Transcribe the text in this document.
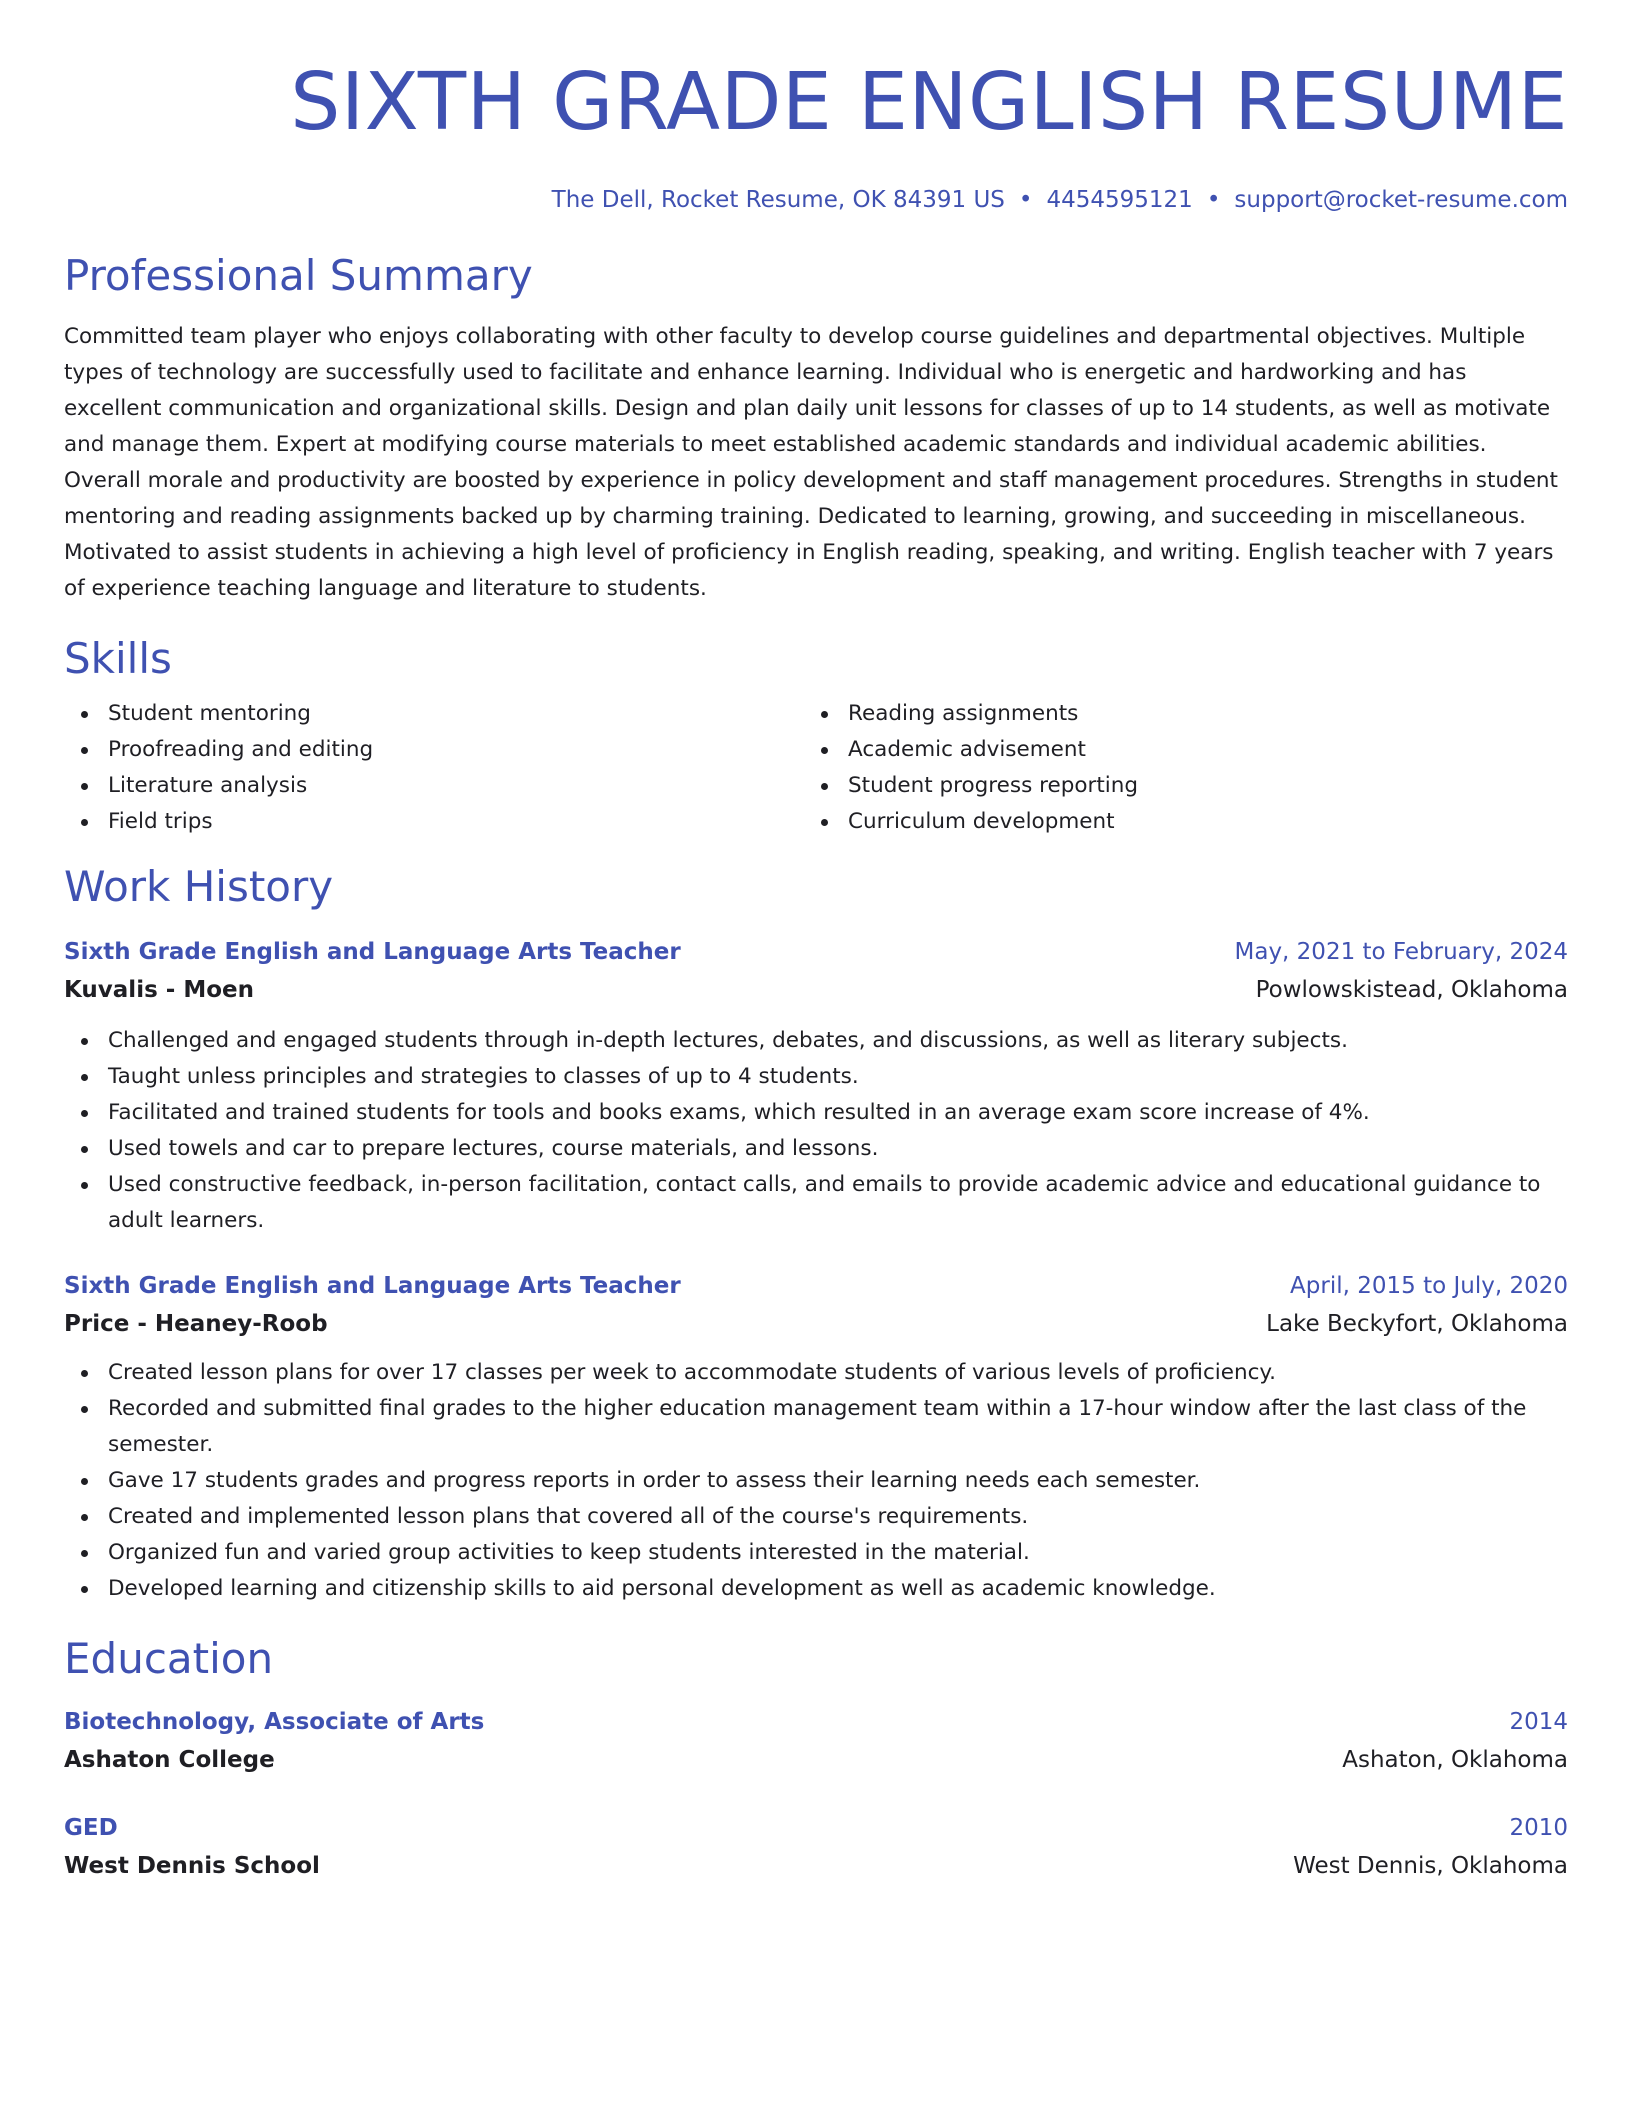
SIXTH GRADE ENGLISH RESUME
The Dell, Rocket Resume, OK 84391 US • 4454595121 • support@rocket-resume.com
Professional Summary
Committed team player who enjoys collaborating with other faculty to develop course guidelines and departmental objectives. Multiple types of technology are successfully used to facilitate and enhance learning. Individual who is energetic and hardworking and has excellent communication and organizational skills. Design and plan daily unit lessons for classes of up to 14 students, as well as motivate and manage them. Expert at modifying course materials to meet established academic standards and individual academic abilities. Overall morale and productivity are boosted by experience in policy development and staff management procedures. Strengths in student mentoring and reading assignments backed up by charming training. Dedicated to learning, growing, and succeeding in miscellaneous. Motivated to assist students in achieving a high level of proficiency in English reading, speaking, and writing. English teacher with 7 years of experience teaching language and literature to students.
Skills
Student mentoring
Proofreading and editing
Literature analysis
Field trips
Reading assignments
Academic advisement
Student progress reporting
Curriculum development
Work History
Sixth Grade English and Language Arts Teacher	May, 2021 to February, 2024
Kuvalis - Moen	Powlowskistead, Oklahoma
Challenged and engaged students through in-depth lectures, debates, and discussions, as well as literary subjects.
Taught unless principles and strategies to classes of up to 4 students.
Facilitated and trained students for tools and books exams, which resulted in an average exam score increase of 4%.
Used towels and car to prepare lectures, course materials, and lessons.
Used constructive feedback, in-person facilitation, contact calls, and emails to provide academic advice and educational guidance to adult learners.
Sixth Grade English and Language Arts Teacher	April, 2015 to July, 2020
Price - Heaney-Roob	Lake Beckyfort, Oklahoma
Created lesson plans for over 17 classes per week to accommodate students of various levels of proficiency.
Recorded and submitted final grades to the higher education management team within a 17-hour window after the last class of the semester.
Gave 17 students grades and progress reports in order to assess their learning needs each semester.
Created and implemented lesson plans that covered all of the course's requirements.
Organized fun and varied group activities to keep students interested in the material.
Developed learning and citizenship skills to aid personal development as well as academic knowledge.
Education
Biotechnology, Associate of Arts	2014
Ashaton College	Ashaton, Oklahoma
GED	2010
West Dennis School	West Dennis, Oklahoma
